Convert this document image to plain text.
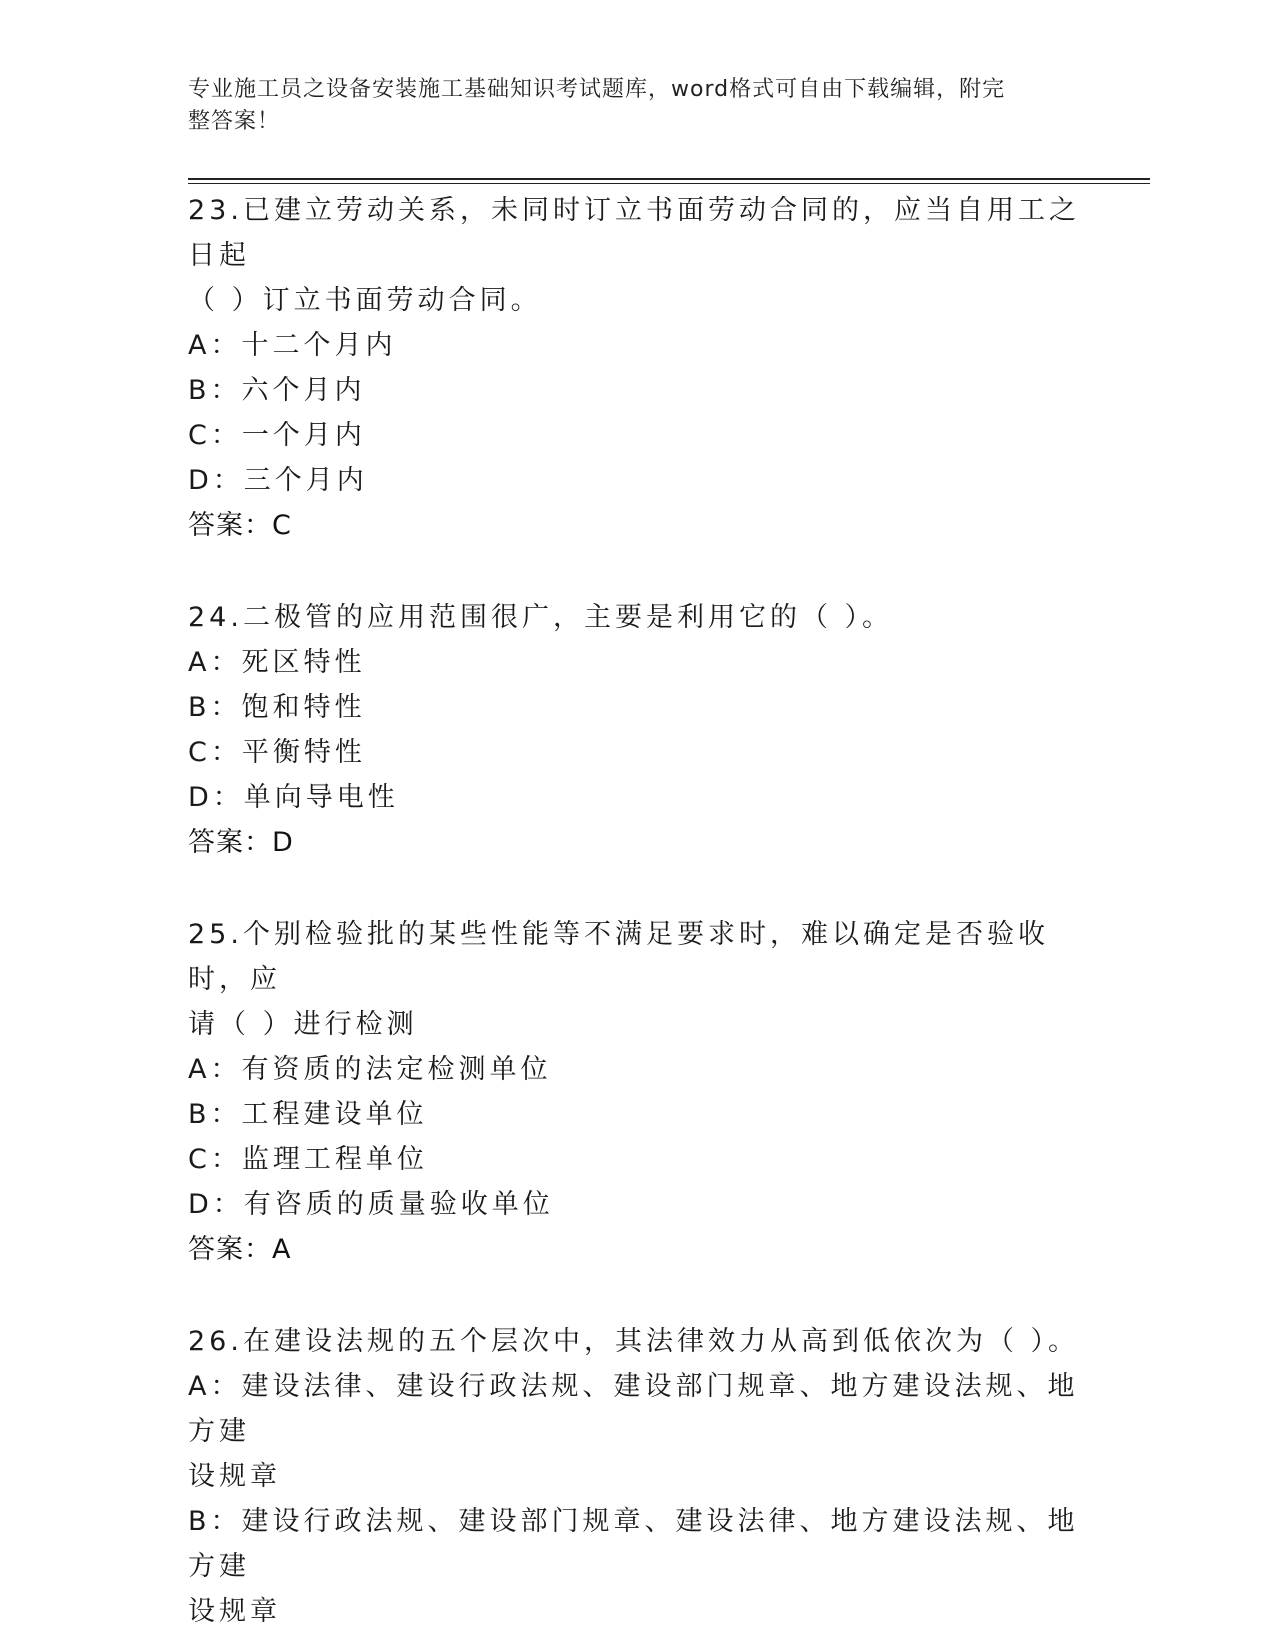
专业施工员之设备安装施工基础知识考试题库，word格式可自由下载编辑，附完
整答案！

23.已建立劳动关系，未同时订立书面劳动合同的，应当自用工之日起

（ ）订立书面劳动合同。

A：十二个月内

B：六个月内

C：一个月内

D：三个月内

答案：C

24.二极管的应用范围很广，主要是利用它的（ ）。

A：死区特性

B：饱和特性

C：平衡特性

D：单向导电性

答案：D

25.个别检验批的某些性能等不满足要求时，难以确定是否验收时，应

请（ ）进行检测

A：有资质的法定检测单位

B：工程建设单位

C：监理工程单位

D：有咨质的质量验收单位

答案：A

26.在建设法规的五个层次中，其法律效力从高到低依次为（ ）。

A：建设法律、建设行政法规、建设部门规章、地方建设法规、地方建

设规章

B：建设行政法规、建设部门规章、建设法律、地方建设法规、地方建

设规章
